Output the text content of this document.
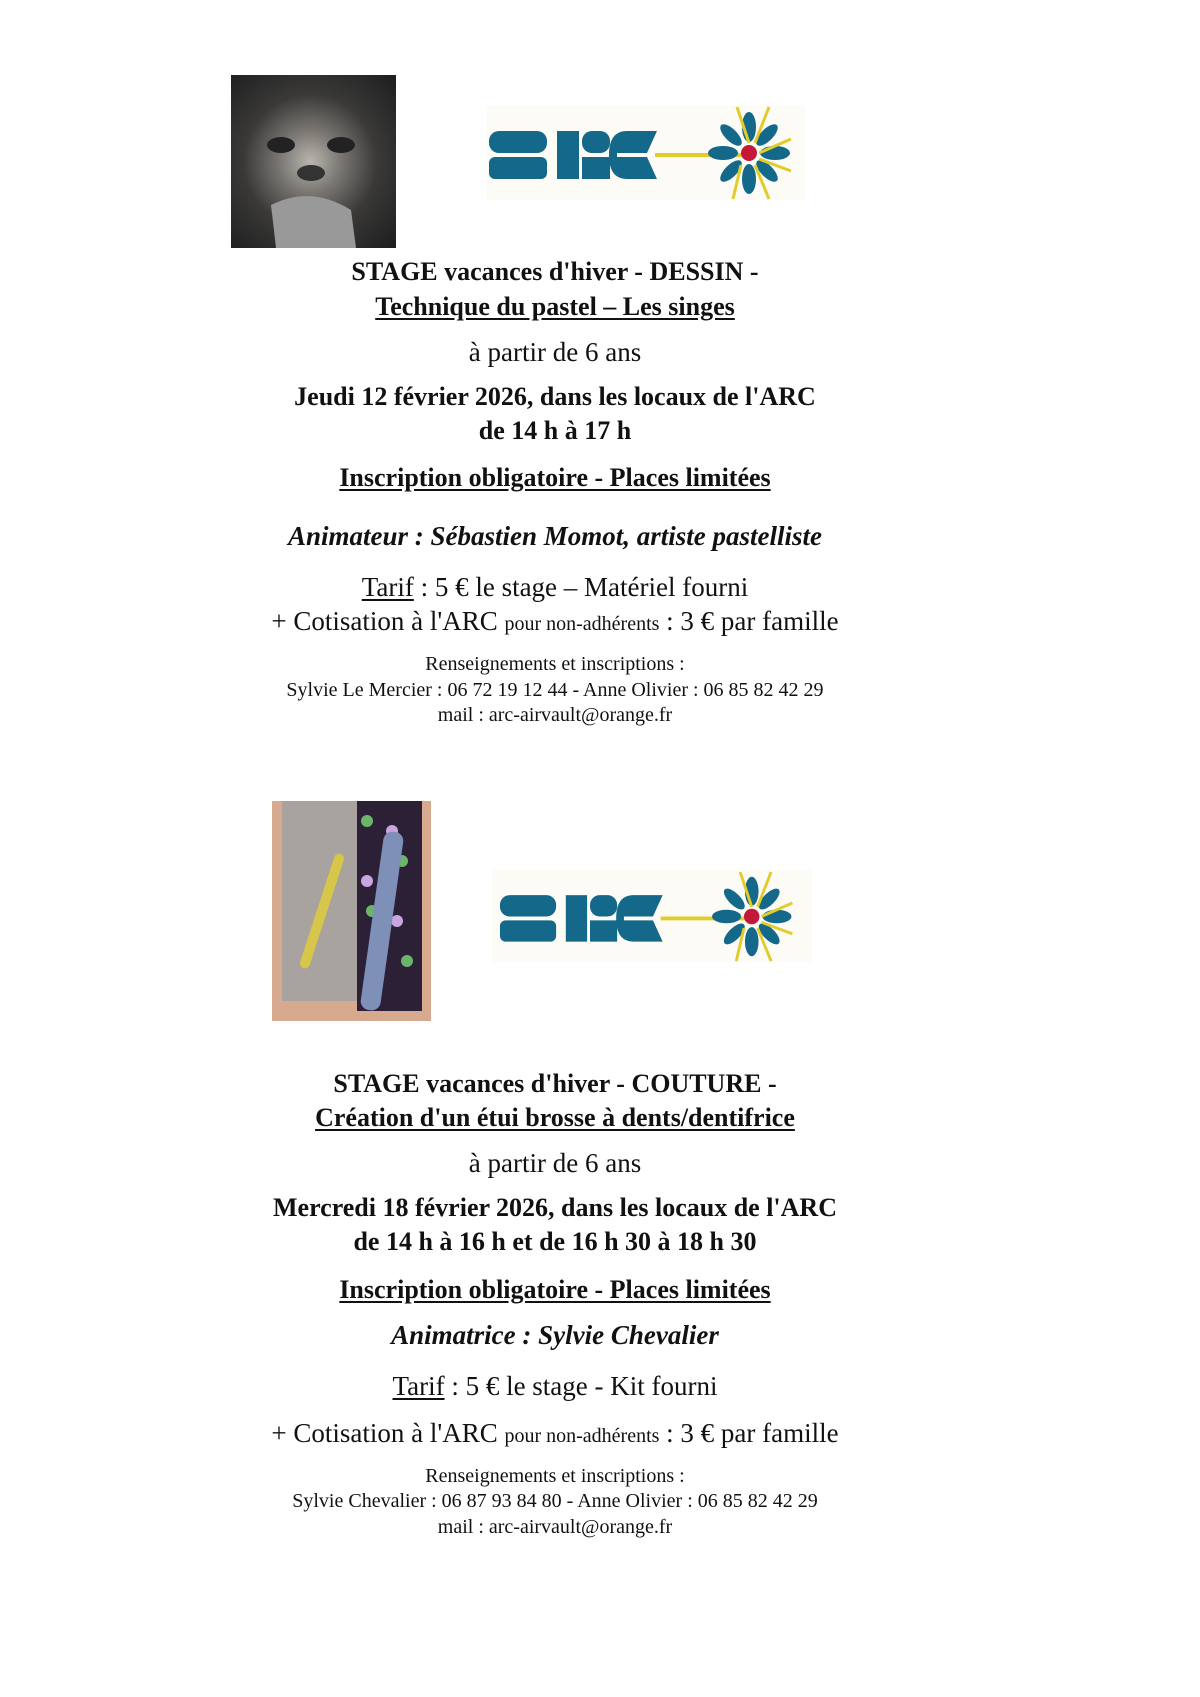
STAGE vacances d'hiver - DESSIN -
Technique du pastel – Les singes
à partir de 6 ans
Jeudi 12 février 2026, dans les locaux de l'ARC
de 14 h à 17 h
Inscription obligatoire - Places limitées
Animateur : Sébastien Momot, artiste pastelliste
Tarif : 5 € le stage – Matériel fourni
+ Cotisation à l'ARC pour non-adhérents : 3 € par famille
Renseignements et inscriptions :
Sylvie Le Mercier : 06 72 19 12 44 - Anne Olivier : 06 85 82 42 29
mail : arc-airvault@orange.fr
STAGE vacances d'hiver - COUTURE -
Création d'un étui brosse à dents/dentifrice
à partir de 6 ans
Mercredi 18 février 2026, dans les locaux de l'ARC
de 14 h à 16 h et de 16 h 30 à 18 h 30
Inscription obligatoire - Places limitées
Animatrice : Sylvie Chevalier
Tarif : 5 € le stage - Kit fourni
+ Cotisation à l'ARC pour non-adhérents : 3 € par famille
Renseignements et inscriptions :
Sylvie Chevalier : 06 87 93 84 80 - Anne Olivier : 06 85 82 42 29
mail : arc-airvault@orange.fr
